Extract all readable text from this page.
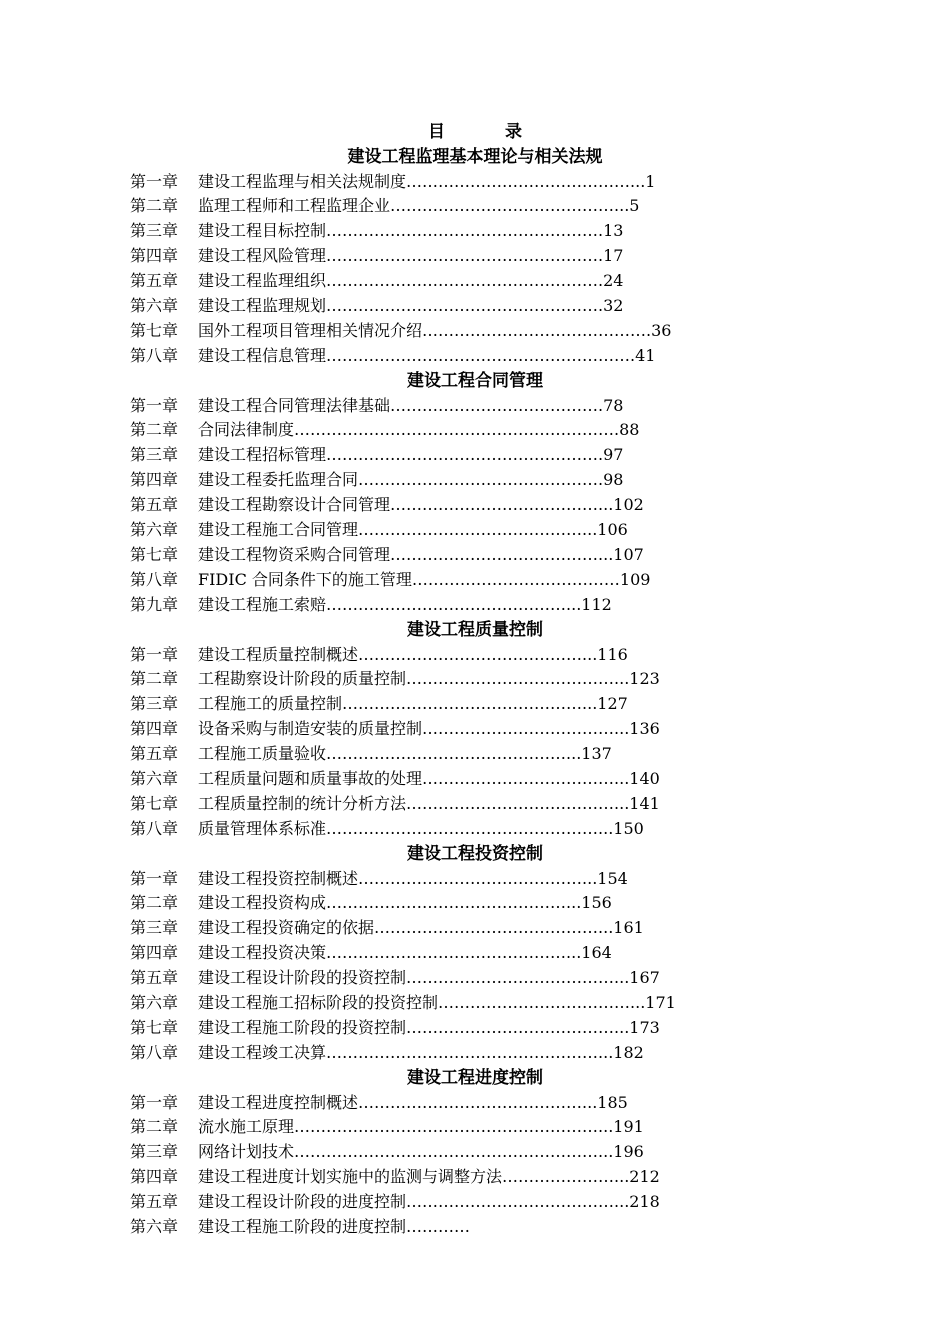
目	录
建设工程监理基本理论与相关法规
第一章 建设工程监理与相关法规制度……………………………………...1
第二章 监理工程师和工程监理企业……………………………………...5
第三章 建设工程目标控制…………………………………………….13
第四章 建设工程风险管理…………………………………………….17
第五章 建设工程监理组织…………………………………………….24
第六章 建设工程监理规划…………………………………………….32
第七章 国外工程项目管理相关情况介绍…………………………………….36
第八章 建设工程信息管理………………………………………………….41
建设工程合同管理
第一章 建设工程合同管理法律基础………………………………….78
第二章 合同法律制度…………………………………………………….88
第三章 建设工程招标管理…………………………………………….97
第四章 建设工程委托监理合同……………………………………….98
第五章 建设工程勘察设计合同管理…………………………………...102
第六章 建设工程施工合同管理……………………………………...106
第七章 建设工程物资采购合同管理…………………………………...107
第八章 FIDIC 合同条件下的施工管理…………………………………109
第九章 建设工程施工索赔………………………………………...112
建设工程质量控制
第一章 建设工程质量控制概述……………………………………...116
第二章 工程勘察设计阶段的质量控制…………………………………...123
第三章 工程施工的质量控制………………………………………...127
第四章 设备采购与制造安装的质量控制………………………………...136
第五章 工程施工质量验收………………………………………...137
第六章 工程质量问题和质量事故的处理………………………………...140
第七章 工程质量控制的统计分析方法…………………………………...141
第八章 质量管理体系标准……………………………………………...150
建设工程投资控制
第一章 建设工程投资控制概述……………………………………...154
第二章 建设工程投资构成………………………………………...156
第三章 建设工程投资确定的依据……………………………………...161
第四章 建设工程投资决策………………………………………...164
第五章 建设工程设计阶段的投资控制…………………………………...167
第六章 建设工程施工招标阶段的投资控制………………………………...171
第七章 建设工程施工阶段的投资控制…………………………………...173
第八章 建设工程竣工决算……………………………………………...182
建设工程进度控制
第一章 建设工程进度控制概述……………………………………...185
第二章 流水施工原理…………………………………………………...191
第三章 网络计划技术…………………………………………………...196
第四章 建设工程进度计划实施中的监测与调整方法…………………...212
第五章 建设工程设计阶段的进度控制…………………………………...218
第六章 建设工程施工阶段的进度控制…………
